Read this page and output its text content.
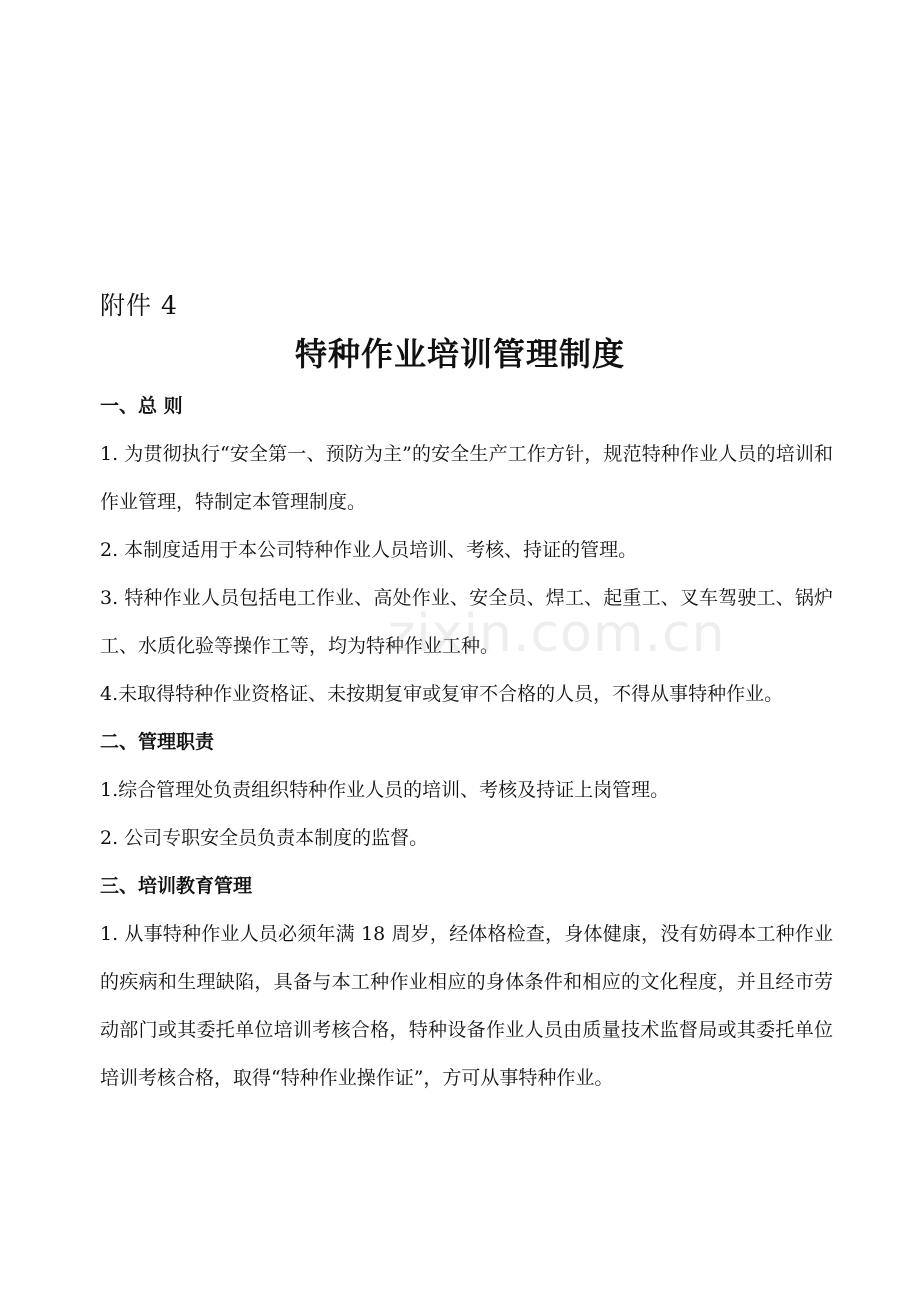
附件 4
特种作业培训管理制度

一、总 则

1. 为贯彻执行“安全第一、预防为主”的安全生产工作方针，规范特种作业人员的培训和作业管理，特制定本管理制度。

2. 本制度适用于本公司特种作业人员培训、考核、持证的管理。

3. 特种作业人员包括电工作业、高处作业、安全员、焊工、起重工、叉车驾驶工、锅炉工、水质化验等操作工等，均为特种作业工种。

4.未取得特种作业资格证、未按期复审或复审不合格的人员，不得从事特种作业。

二、管理职责

1.综合管理处负责组织特种作业人员的培训、考核及持证上岗管理。

2. 公司专职安全员负责本制度的监督。

三、培训教育管理

1. 从事特种作业人员必须年满 18 周岁，经体格检查，身体健康，没有妨碍本工种作业的疾病和生理缺陷，具备与本工种作业相应的身体条件和相应的文化程度，并且经市劳动部门或其委托单位培训考核合格，特种设备作业人员由质量技术监督局或其委托单位培训考核合格，取得“特种作业操作证”，方可从事特种作业。

zixin.com.cn
